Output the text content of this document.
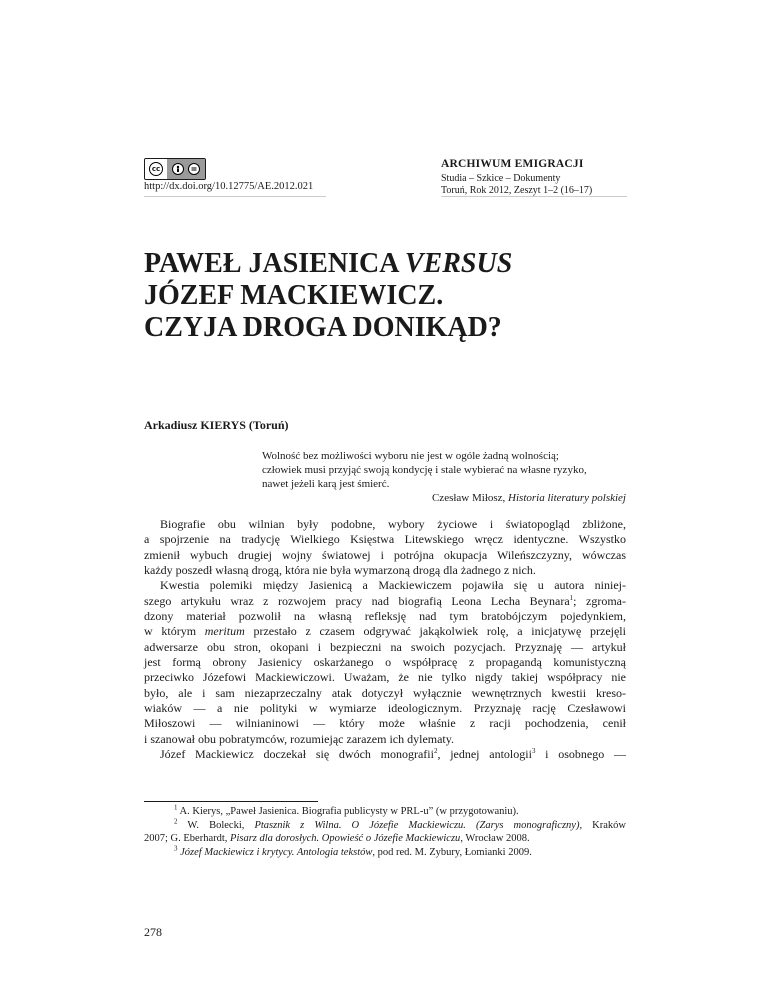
cc
http://dx.doi.org/10.12775/AE.2012.021
ARCHIWUM EMIGRACJI
Studia – Szkice – Dokumenty
Toruń, Rok 2012, Zeszyt 1–2 (16–17)
PAWEŁ JASIENICA VERSUS
JÓZEF MACKIEWICZ.
CZYJA DROGA DONIKĄD?
Arkadiusz KIERYS (Toruń)
Wolność bez możliwości wyboru nie jest w ogóle żadną wolnością;
człowiek musi przyjąć swoją kondycję i stale wybierać na własne ryzyko,
nawet jeżeli karą jest śmierć.
Czesław Miłosz, Historia literatury polskiej

Biografie obu wilnian były podobne, wybory życiowe i światopogląd zbliżone,
a spojrzenie na tradycję Wielkiego Księstwa Litewskiego wręcz identyczne. Wszystko
zmienił wybuch drugiej wojny światowej i potrójna okupacja Wileńszczyzny, wówczas
każdy poszedł własną drogą, która nie była wymarzoną drogą dla żadnego z nich.

Kwestia polemiki między Jasienicą a Mackiewiczem pojawiła się u autora niniej-
szego artykułu wraz z rozwojem pracy nad biografią Leona Lecha Beynara$^1$; zgroma-
dzony materiał pozwolił na własną refleksję nad tym bratobójczym pojedynkiem,
w którym meritum przestało z czasem odgrywać jakąkolwiek rolę, a inicjatywę przejęli
adwersarze obu stron, okopani i bezpieczni na swoich pozycjach. Przyznaję — artykuł
jest formą obrony Jasienicy oskarżanego o współpracę z propagandą komunistyczną
przeciwko Józefowi Mackiewiczowi. Uważam, że nie tylko nigdy takiej współpracy nie
było, ale i sam niezaprzeczalny atak dotyczył wyłącznie wewnętrznych kwestii kreso-
wiaków — a nie polityki w wymiarze ideologicznym. Przyznaję rację Czesławowi
Miłoszowi — wilnianinowi — który może właśnie z racji pochodzenia, cenił
i szanował obu pobratymców, rozumiejąc zarazem ich dylematy.

Józef Mackiewicz doczekał się dwóch monografii$^2$, jednej antologii$^3$ i osobnego —

$^1$ A. Kierys, „Paweł Jasienica. Biografia publicysty w PRL-u” (w przygotowaniu).
$^2$ W. Bolecki, Ptasznik z Wilna. O Józefie Mackiewiczu. (Zarys monograficzny), Kraków
2007; G. Eberhardt, Pisarz dla dorosłych. Opowieść o Józefie Mackiewiczu, Wrocław 2008.
$^3$ Józef Mackiewicz i krytycy. Antologia tekstów, pod red. M. Zybury, Łomianki 2009.
278
